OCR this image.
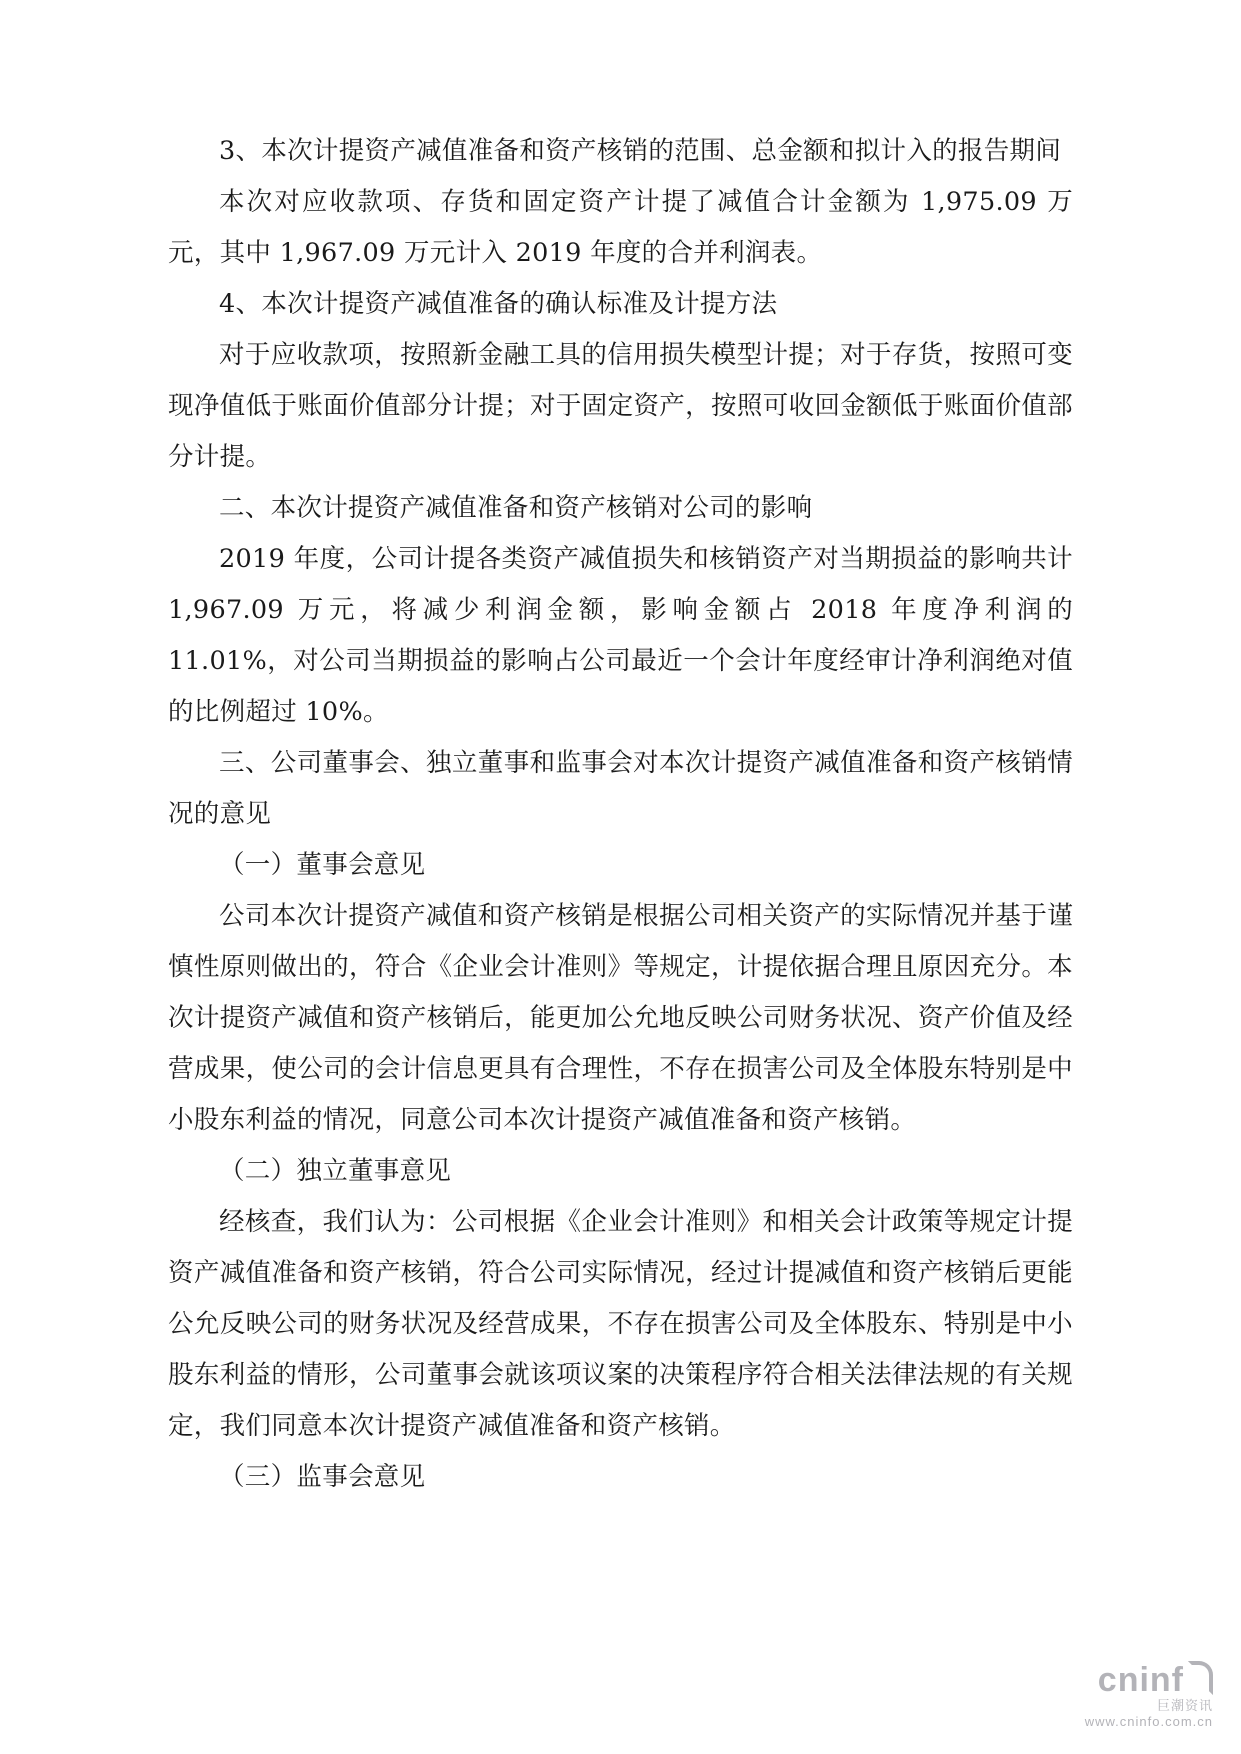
3、本次计提资产减值准备和资产核销的范围、总金额和拟计入的报告期间

本次对应收款项、存货和固定资产计提了减值合计金额为 1,975.09 万元，其中 1,967.09 万元计入 2019 年度的合并利润表。

4、本次计提资产减值准备的确认标准及计提方法

对于应收款项，按照新金融工具的信用损失模型计提；对于存货，按照可变现净值低于账面价值部分计提；对于固定资产，按照可收回金额低于账面价值部分计提。

二、本次计提资产减值准备和资产核销对公司的影响

2019 年度，公司计提各类资产减值损失和核销资产对当期损益的影响共计 1,967.09 万元，将减少利润金额，影响金额占 2018 年度净利润的 11.01%，对公司当期损益的影响占公司最近一个会计年度经审计净利润绝对值的比例超过 10%。

三、公司董事会、独立董事和监事会对本次计提资产减值准备和资产核销情况的意见

（一）董事会意见

公司本次计提资产减值和资产核销是根据公司相关资产的实际情况并基于谨慎性原则做出的，符合《企业会计准则》等规定，计提依据合理且原因充分。本次计提资产减值和资产核销后，能更加公允地反映公司财务状况、资产价值及经营成果，使公司的会计信息更具有合理性，不存在损害公司及全体股东特别是中小股东利益的情况，同意公司本次计提资产减值准备和资产核销。

（二）独立董事意见

经核查，我们认为：公司根据《企业会计准则》和相关会计政策等规定计提资产减值准备和资产核销，符合公司实际情况，经过计提减值和资产核销后更能公允反映公司的财务状况及经营成果，不存在损害公司及全体股东、特别是中小股东利益的情形，公司董事会就该项议案的决策程序符合相关法律法规的有关规定，我们同意本次计提资产减值准备和资产核销。

（三）监事会意见

cninf
巨潮资讯
www.cninfo.com.cn
